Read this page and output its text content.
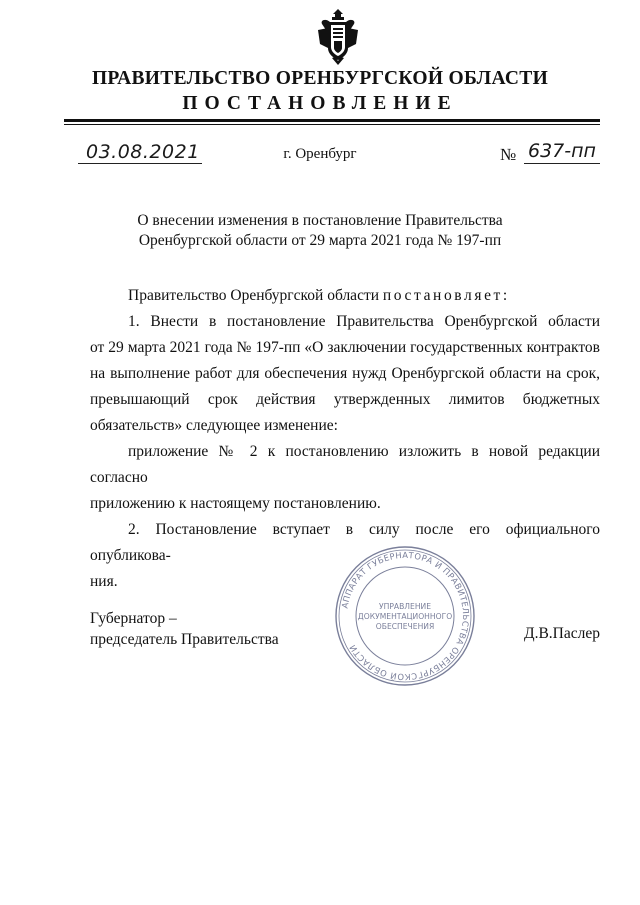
ПРАВИТЕЛЬСТВО ОРЕНБУРГСКОЙ ОБЛАСТИ
ПОСТАНОВЛЕНИЕ
03.08.2021	г. Оренбург	№ 637-пп
О внесении изменения в постановление Правительства
Оренбургской области от 29 марта 2021 года № 197-пп

Правительство Оренбургской области постановляет:

1. Внести в постановление Правительства Оренбургской области

от 29 марта 2021 года № 197-пп «О заключении государственных контрактов

на выполнение работ для обеспечения нужд Оренбургской области на срок,

превышающий срок действия утвержденных лимитов бюджетных

обязательств» следующее изменение:

приложение № 2 к постановлению изложить в новой редакции согласно

приложению к настоящему постановлению.

2. Постановление вступает в силу после его официального опубликова-

ния.

АППАРАТ ГУБЕРНАТОРА И ПРАВИТЕЛЬСТВА ОРЕНБУРГСКОЙ ОБЛАСТИ
УПРАВЛЕНИЕ
ДОКУМЕНТАЦИОННОГО
ОБЕСПЕЧЕНИЯ
Губернатор –
председатель Правительства	Д.В.Паслер
